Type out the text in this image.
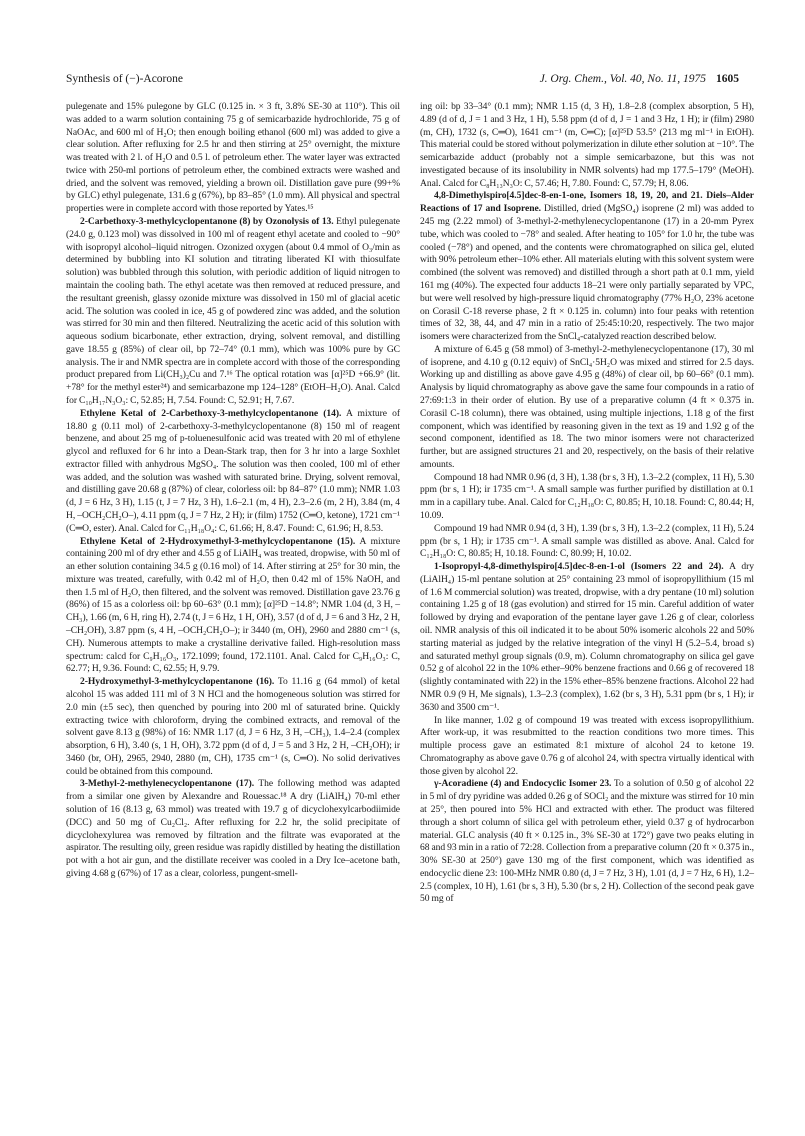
Synthesis of (−)-Acorone	J. Org. Chem., Vol. 40, No. 11, 1975 1605

pulegenate and 15% pulegone by GLC (0.125 in. × 3 ft, 3.8% SE-30 at 110°). This oil was added to a warm solution containing 75 g of semicarbazide hydrochloride, 75 g of NaOAc, and 600 ml of H₂O; then enough boiling ethanol (600 ml) was added to give a clear solution. After refluxing for 2.5 hr and then stirring at 25° overnight, the mixture was treated with 2 l. of H₂O and 0.5 l. of petroleum ether. The water layer was extracted twice with 250-ml portions of petroleum ether, the combined extracts were washed and dried, and the solvent was removed, yielding a brown oil. Distillation gave pure (99+% by GLC) ethyl pulegenate, 131.6 g (67%), bp 83–85° (1.0 mm). All physical and spectral properties were in complete accord with those reported by Yates.¹⁵

2-Carbethoxy-3-methylcyclopentanone (8) by Ozonolysis of 13. Ethyl pulegenate (24.0 g, 0.123 mol) was dissolved in 100 ml of reagent ethyl acetate and cooled to −90° with isopropyl alcohol–liquid nitrogen. Ozonized oxygen (about 0.4 mmol of O₃/min as determined by bubbling into KI solution and titrating liberated KI with thiosulfate solution) was bubbled through this solution, with periodic addition of liquid nitrogen to maintain the cooling bath. The ethyl acetate was then removed at reduced pressure, and the resultant greenish, glassy ozonide mixture was dissolved in 150 ml of glacial acetic acid. The solution was cooled in ice, 45 g of powdered zinc was added, and the solution was stirred for 30 min and then filtered. Neutralizing the acetic acid of this solution with aqueous sodium bicarbonate, ether extraction, drying, solvent removal, and distilling gave 18.55 g (85%) of clear oil, bp 72–74° (0.1 mm), which was 100% pure by GC analysis. The ir and NMR spectra are in complete accord with those of the corresponding product prepared from Li(CH₃)₂Cu and 7.¹⁶ The optical rotation was [α]²⁵D +66.9° (lit. +78° for the methyl ester²⁴) and semicarbazone mp 124–128° (EtOH–H₂O). Anal. Calcd for C₁₀H₁₇N₃O₃: C, 52.85; H, 7.54. Found: C, 52.91; H, 7.67.

Ethylene Ketal of 2-Carbethoxy-3-methylcyclopentanone (14). A mixture of 18.80 g (0.11 mol) of 2-carbethoxy-3-methylcyclopentanone (8) 150 ml of reagent benzene, and about 25 mg of p-toluenesulfonic acid was treated with 20 ml of ethylene glycol and refluxed for 6 hr into a Dean-Stark trap, then for 3 hr into a large Soxhlet extractor filled with anhydrous MgSO₄. The solution was then cooled, 100 ml of ether was added, and the solution was washed with saturated brine. Drying, solvent removal, and distilling gave 20.68 g (87%) of clear, colorless oil: bp 84–87° (1.0 mm); NMR 1.03 (d, J = 6 Hz, 3 H), 1.15 (t, J = 7 Hz, 3 H), 1.6–2.1 (m, 4 H), 2.3–2.6 (m, 2 H), 3.84 (m, 4 H, –OCH₂CH₂O–), 4.11 ppm (q, J = 7 Hz, 2 H); ir (film) 1752 (C═O, ketone), 1721 cm⁻¹ (C═O, ester). Anal. Calcd for C₁₁H₁₈O₄: C, 61.66; H, 8.47. Found: C, 61.96; H, 8.53.

Ethylene Ketal of 2-Hydroxymethyl-3-methylcyclopentanone (15). A mixture containing 200 ml of dry ether and 4.55 g of LiAlH₄ was treated, dropwise, with 50 ml of an ether solution containing 34.5 g (0.16 mol) of 14. After stirring at 25° for 30 min, the mixture was treated, carefully, with 0.42 ml of H₂O, then 0.42 ml of 15% NaOH, and then 1.5 ml of H₂O, then filtered, and the solvent was removed. Distillation gave 23.76 g (86%) of 15 as a colorless oil: bp 60–63° (0.1 mm); [α]²⁵D −14.8°; NMR 1.04 (d, 3 H, –CH₃), 1.66 (m, 6 H, ring H), 2.74 (t, J = 6 Hz, 1 H, OH), 3.57 (d of d, J = 6 and 3 Hz, 2 H, –CH₂OH), 3.87 ppm (s, 4 H, –OCH₂CH₂O–); ir 3440 (m, OH), 2960 and 2880 cm⁻¹ (s, CH). Numerous attempts to make a crystalline derivative failed. High-resolution mass spectrum: calcd for C₉H₁₆O₃, 172.1099; found, 172.1101. Anal. Calcd for C₉H₁₆O₃: C, 62.77; H, 9.36. Found: C, 62.55; H, 9.79.

2-Hydroxymethyl-3-methylcyclopentanone (16). To 11.16 g (64 mmol) of ketal alcohol 15 was added 111 ml of 3 N HCl and the homogeneous solution was stirred for 2.0 min (±5 sec), then quenched by pouring into 200 ml of saturated brine. Quickly extracting twice with chloroform, drying the combined extracts, and removal of the solvent gave 8.13 g (98%) of 16: NMR 1.17 (d, J = 6 Hz, 3 H, –CH₃), 1.4–2.4 (complex absorption, 6 H), 3.40 (s, 1 H, OH), 3.72 ppm (d of d, J = 5 and 3 Hz, 2 H, –CH₂OH); ir 3460 (br, OH), 2965, 2940, 2880 (m, CH), 1735 cm⁻¹ (s, C═O). No solid derivatives could be obtained from this compound.

3-Methyl-2-methylenecyclopentanone (17). The following method was adapted from a similar one given by Alexandre and Rouessac.¹⁸ A dry (LiAlH₄) 70-ml ether solution of 16 (8.13 g, 63 mmol) was treated with 19.7 g of dicyclohexylcarbodiimide (DCC) and 50 mg of Cu₂Cl₂. After refluxing for 2.2 hr, the solid precipitate of dicyclohexylurea was removed by filtration and the filtrate was evaporated at the aspirator. The resulting oily, green residue was rapidly distilled by heating the distillation pot with a hot air gun, and the distillate receiver was cooled in a Dry Ice–acetone bath, giving 4.68 g (67%) of 17 as a clear, colorless, pungent-smell-

ing oil: bp 33–34° (0.1 mm); NMR 1.15 (d, 3 H), 1.8–2.8 (complex absorption, 5 H), 4.89 (d of d, J = 1 and 3 Hz, 1 H), 5.58 ppm (d of d, J = 1 and 3 Hz, 1 H); ir (film) 2980 (m, CH), 1732 (s, C═O), 1641 cm⁻¹ (m, C═C); [α]²⁵D 53.5° (213 mg ml⁻¹ in EtOH). This material could be stored without polymerization in dilute ether solution at −10°. The semicarbazide adduct (probably not a simple semicarbazone, but this was not investigated because of its insolubility in NMR solvents) had mp 177.5–179° (MeOH). Anal. Calcd for C₈H₁₃N₃O: C, 57.46; H, 7.80. Found: C, 57.79; H, 8.06.

4,8-Dimethylspiro[4.5]dec-8-en-1-one, Isomers 18, 19, 20, and 21. Diels–Alder Reactions of 17 and Isoprene. Distilled, dried (MgSO₄) isoprene (2 ml) was added to 245 mg (2.22 mmol) of 3-methyl-2-methylenecyclopentanone (17) in a 20-mm Pyrex tube, which was cooled to −78° and sealed. After heating to 105° for 1.0 hr, the tube was cooled (−78°) and opened, and the contents were chromatographed on silica gel, eluted with 90% petroleum ether–10% ether. All materials eluting with this solvent system were combined (the solvent was removed) and distilled through a short path at 0.1 mm, yield 161 mg (40%). The expected four adducts 18–21 were only partially separated by VPC, but were well resolved by high-pressure liquid chromatography (77% H₂O, 23% acetone on Corasil C-18 reverse phase, 2 ft × 0.125 in. column) into four peaks with retention times of 32, 38, 44, and 47 min in a ratio of 25:45:10:20, respectively. The two major isomers were characterized from the SnCl₄-catalyzed reaction described below.

A mixture of 6.45 g (58 mmol) of 3-methyl-2-methylenecyclopentanone (17), 30 ml of isoprene, and 4.10 g (0.12 equiv) of SnCl₄·5H₂O was mixed and stirred for 2.5 days. Working up and distilling as above gave 4.95 g (48%) of clear oil, bp 60–66° (0.1 mm). Analysis by liquid chromatography as above gave the same four compounds in a ratio of 27:69:1:3 in their order of elution. By use of a preparative column (4 ft × 0.375 in. Corasil C-18 column), there was obtained, using multiple injections, 1.18 g of the first component, which was identified by reasoning given in the text as 19 and 1.92 g of the second component, identified as 18. The two minor isomers were not characterized further, but are assigned structures 21 and 20, respectively, on the basis of their relative amounts.

Compound 18 had NMR 0.96 (d, 3 H), 1.38 (br s, 3 H), 1.3–2.2 (complex, 11 H), 5.30 ppm (br s, 1 H); ir 1735 cm⁻¹. A small sample was further purified by distillation at 0.1 mm in a capillary tube. Anal. Calcd for C₁₂H₁₈O: C, 80.85; H, 10.18. Found: C, 80.44; H, 10.09.

Compound 19 had NMR 0.94 (d, 3 H), 1.39 (br s, 3 H), 1.3–2.2 (complex, 11 H), 5.24 ppm (br s, 1 H); ir 1735 cm⁻¹. A small sample was distilled as above. Anal. Calcd for C₁₂H₁₈O: C, 80.85; H, 10.18. Found: C, 80.99; H, 10.02.

1-Isopropyl-4,8-dimethylspiro[4.5]dec-8-en-1-ol (Isomers 22 and 24). A dry (LiAlH₄) 15-ml pentane solution at 25° containing 23 mmol of isopropyllithium (15 ml of 1.6 M commercial solution) was treated, dropwise, with a dry pentane (10 ml) solution containing 1.25 g of 18 (gas evolution) and stirred for 15 min. Careful addition of water followed by drying and evaporation of the pentane layer gave 1.26 g of clear, colorless oil. NMR analysis of this oil indicated it to be about 50% isomeric alcohols 22 and 50% starting material as judged by the relative integration of the vinyl H (5.2–5.4, broad s) and saturated methyl group signals (0.9, m). Column chromatography on silica gel gave 0.52 g of alcohol 22 in the 10% ether–90% benzene fractions and 0.66 g of recovered 18 (slightly contaminated with 22) in the 15% ether–85% benzene fractions. Alcohol 22 had NMR 0.9 (9 H, Me signals), 1.3–2.3 (complex), 1.62 (br s, 3 H), 5.31 ppm (br s, 1 H); ir 3630 and 3500 cm⁻¹.

In like manner, 1.02 g of compound 19 was treated with excess isopropyllithium. After work-up, it was resubmitted to the reaction conditions two more times. This multiple process gave an estimated 8:1 mixture of alcohol 24 to ketone 19. Chromatography as above gave 0.76 g of alcohol 24, with spectra virtually identical with those given by alcohol 22.

γ-Acoradiene (4) and Endocyclic Isomer 23. To a solution of 0.50 g of alcohol 22 in 5 ml of dry pyridine was added 0.26 g of SOCl₂ and the mixture was stirred for 10 min at 25°, then poured into 5% HCl and extracted with ether. The product was filtered through a short column of silica gel with petroleum ether, yield 0.37 g of hydrocarbon material. GLC analysis (40 ft × 0.125 in., 3% SE-30 at 172°) gave two peaks eluting in 68 and 93 min in a ratio of 72:28. Collection from a preparative column (20 ft × 0.375 in., 30% SE-30 at 250°) gave 130 mg of the first component, which was identified as endocyclic diene 23: 100-MHz NMR 0.80 (d, J = 7 Hz, 3 H), 1.01 (d, J = 7 Hz, 6 H), 1.2–2.5 (complex, 10 H), 1.61 (br s, 3 H), 5.30 (br s, 2 H). Collection of the second peak gave 50 mg of
